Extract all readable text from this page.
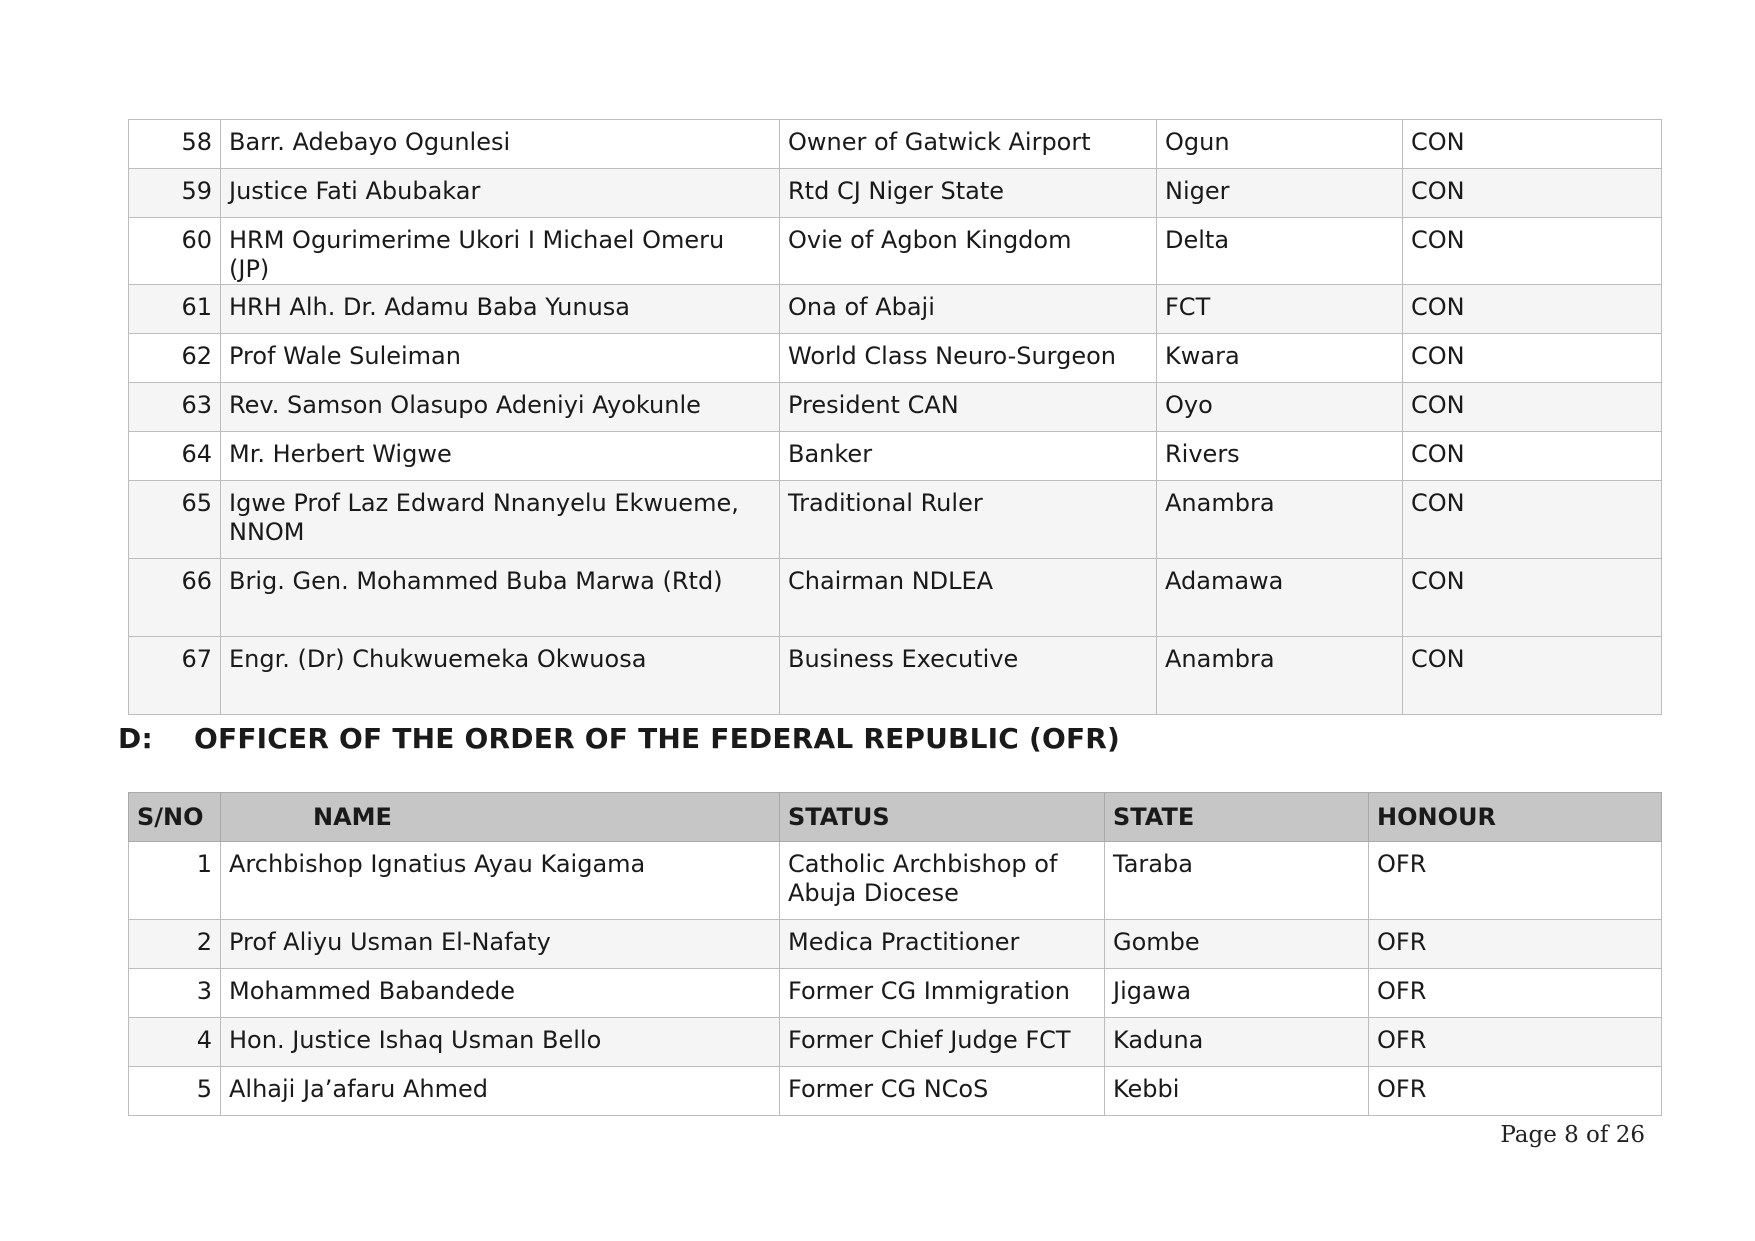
58	Barr. Adebayo Ogunlesi	Owner of Gatwick Airport	Ogun	CON
59	Justice Fati Abubakar	Rtd CJ Niger State	Niger	CON
60	HRM Ogurimerime Ukori I Michael Omeru (JP)	Ovie of Agbon Kingdom	Delta	CON
61	HRH Alh. Dr. Adamu Baba Yunusa	Ona of Abaji	FCT	CON
62	Prof Wale Suleiman	World Class Neuro-Surgeon	Kwara	CON
63	Rev. Samson Olasupo Adeniyi Ayokunle	President CAN	Oyo	CON
64	Mr. Herbert Wigwe	Banker	Rivers	CON
65	Igwe Prof Laz Edward Nnanyelu Ekwueme, NNOM	Traditional Ruler	Anambra	CON
66	Brig. Gen. Mohammed Buba Marwa (Rtd)	Chairman NDLEA	Adamawa	CON
67	Engr. (Dr) Chukwuemeka Okwuosa	Business Executive	Anambra	CON
D: OFFICER OF THE ORDER OF THE FEDERAL REPUBLIC (OFR)
S/NO	NAME	STATUS	STATE	HONOUR
1	Archbishop Ignatius Ayau Kaigama	Catholic Archbishop of Abuja Diocese	Taraba	OFR
2	Prof Aliyu Usman El-Nafaty	Medica Practitioner	Gombe	OFR
3	Mohammed Babandede	Former CG Immigration	Jigawa	OFR
4	Hon. Justice Ishaq Usman Bello	Former Chief Judge FCT	Kaduna	OFR
5	Alhaji Ja’afaru Ahmed	Former CG NCoS	Kebbi	OFR
Page 8 of 26
